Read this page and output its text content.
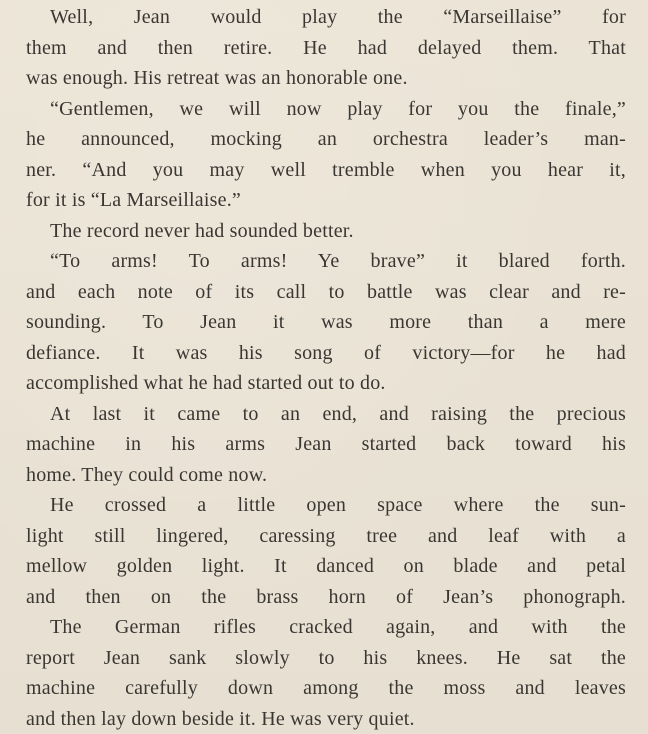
Well, Jean would play the “Marseillaise” for
them and then retire. He had delayed them. That
was enough. His retreat was an honorable one.
“Gentlemen, we will now play for you the finale,”
he announced, mocking an orchestra leader’s man-
ner. “And you may well tremble when you hear it,
for it is “La Marseillaise.”
The record never had sounded better.
“To arms! To arms! Ye brave” it blared forth.
and each note of its call to battle was clear and re-
sounding. To Jean it was more than a mere
defiance. It was his song of victory—for he had
accomplished what he had started out to do.
At last it came to an end, and raising the precious
machine in his arms Jean started back toward his
home. They could come now.
He crossed a little open space where the sun-
light still lingered, caressing tree and leaf with a
mellow golden light. It danced on blade and petal
and then on the brass horn of Jean’s phonograph.
The German rifles cracked again, and with the
report Jean sank slowly to his knees. He sat the
machine carefully down among the moss and leaves
and then lay down beside it. He was very quiet.
